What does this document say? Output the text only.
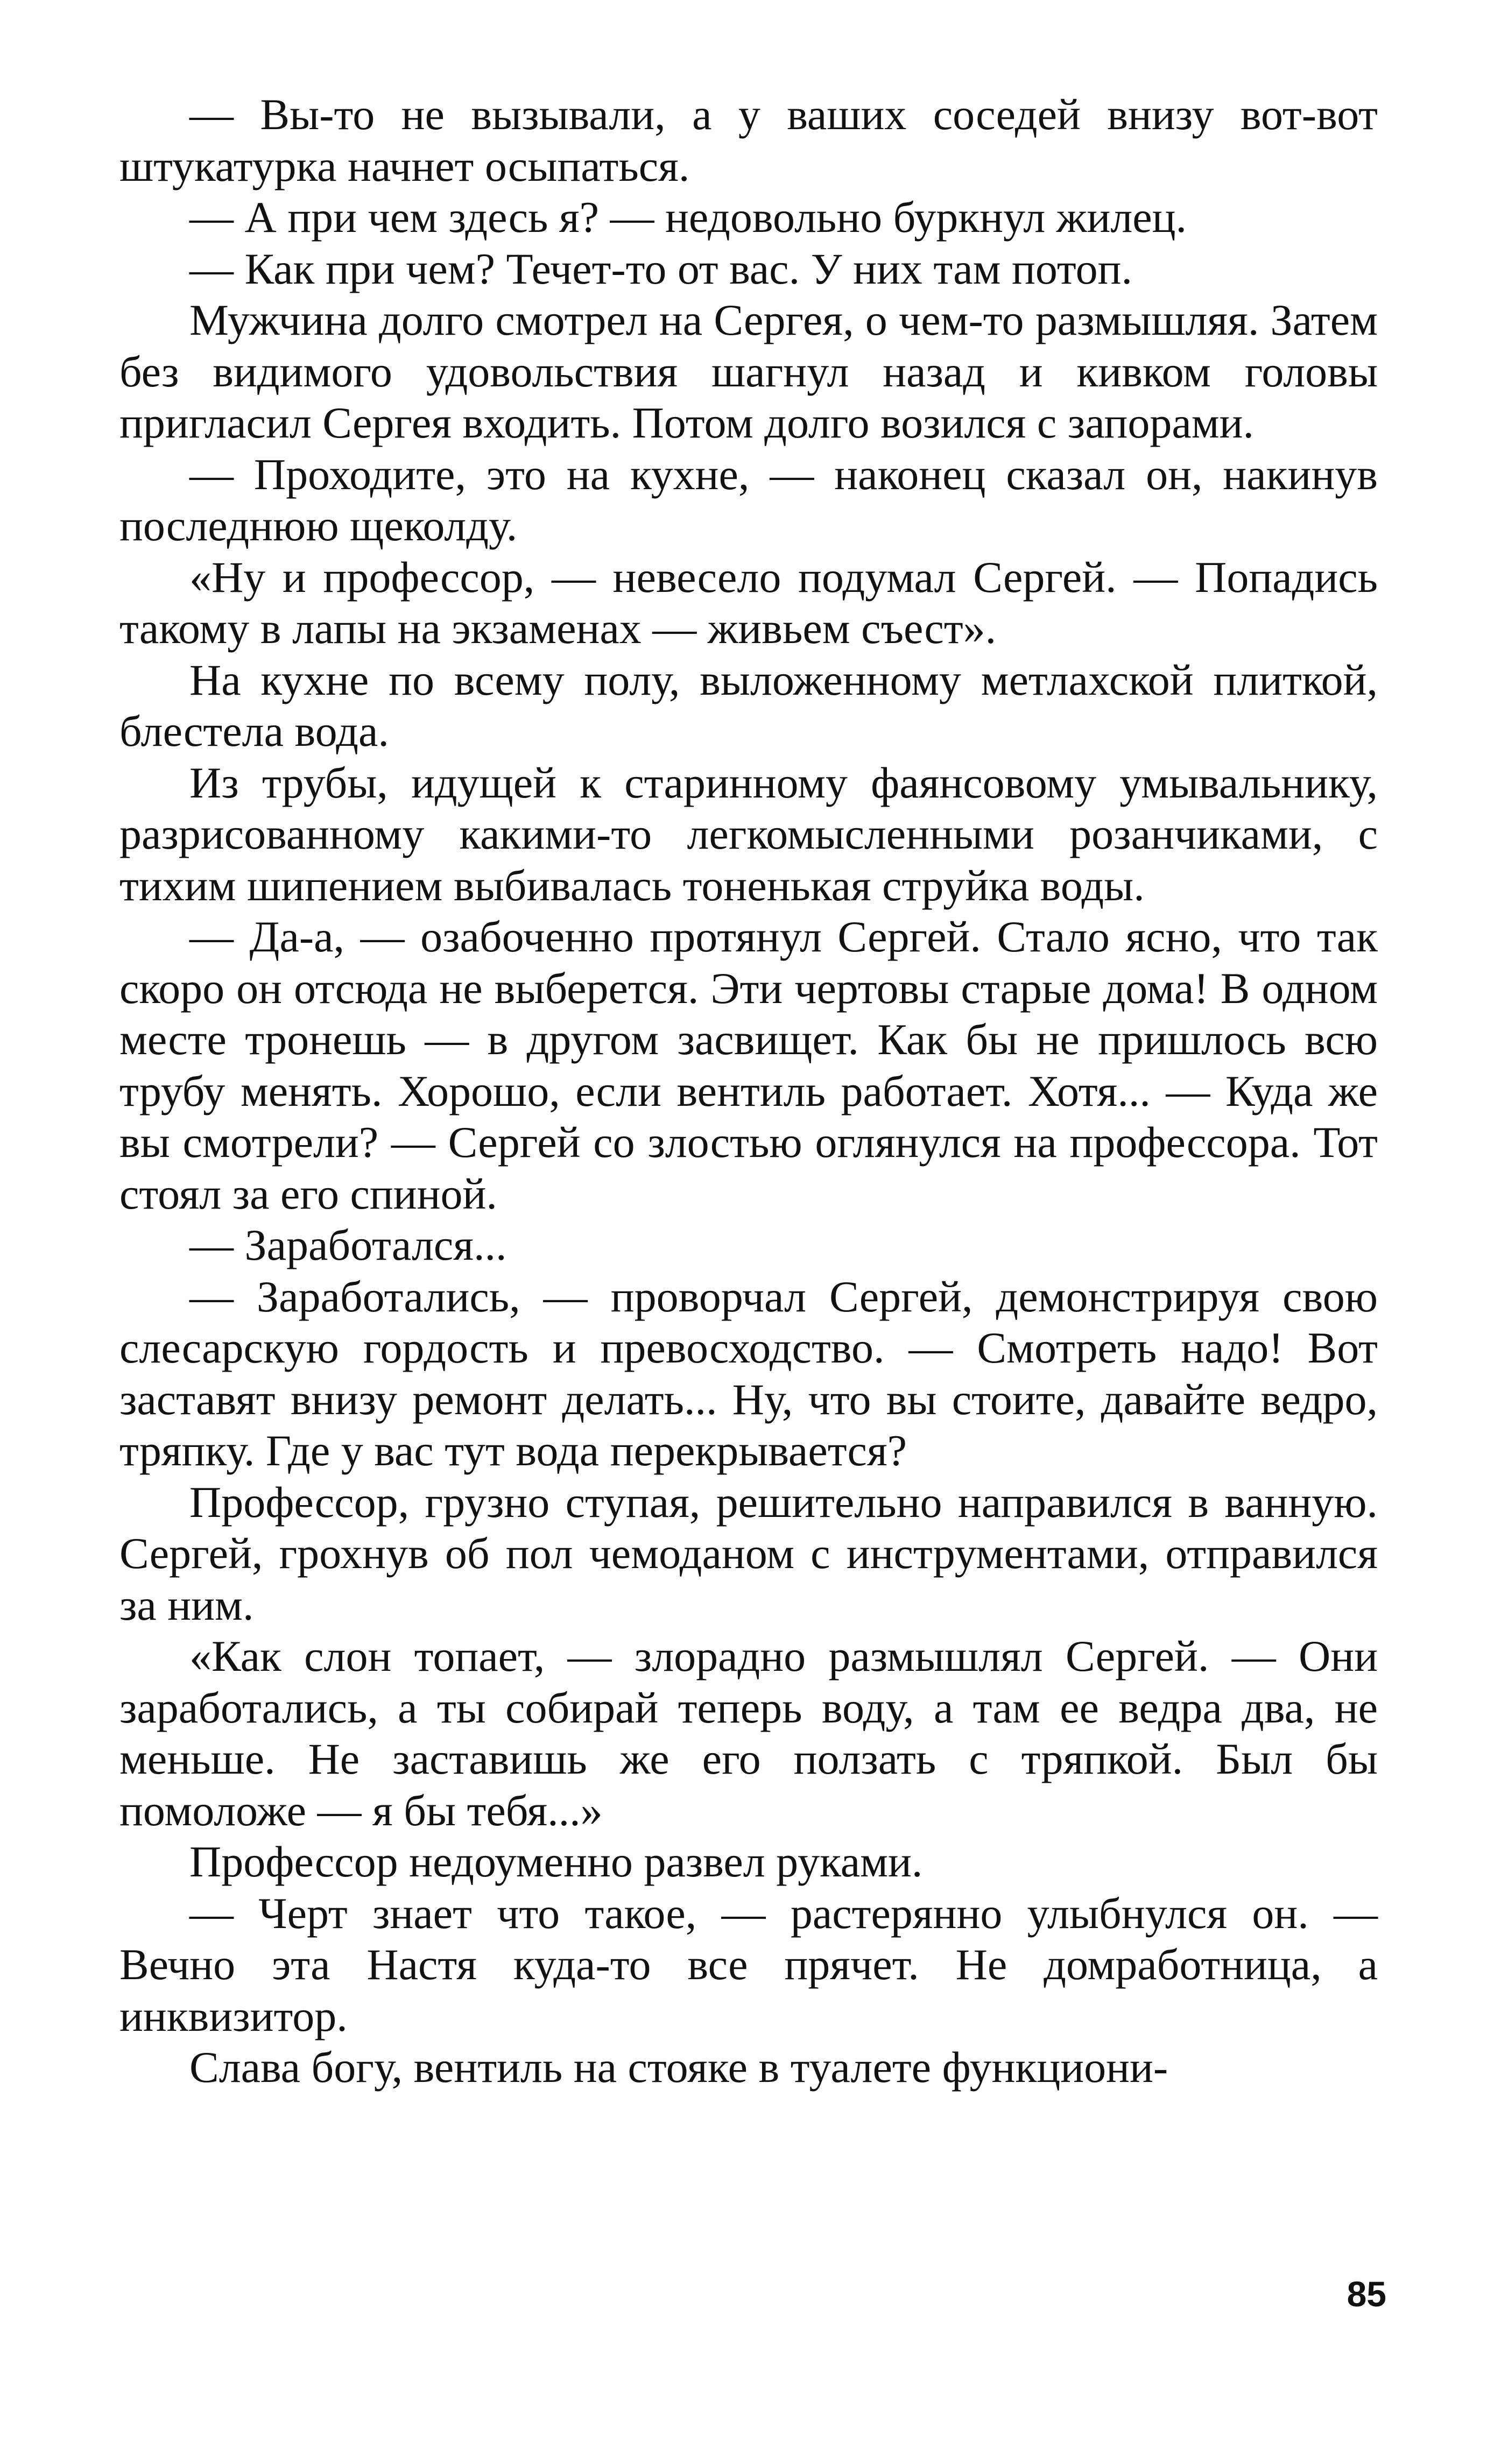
— Вы-то не вызывали, а у ваших соседей внизу вот-вот штукатурка начнет осыпаться.

— А при чем здесь я? — недовольно буркнул жилец.

— Как при чем? Течет-то от вас. У них там потоп.

Мужчина долго смотрел на Сергея, о чем-то размышляя. Затем без видимого удовольствия шагнул назад и кивком головы пригласил Сергея входить. Потом долго возился с запорами.

— Проходите, это на кухне, — наконец сказал он, накинув последнюю щеколду.

«Ну и профессор, — невесело подумал Сергей. — Попадись такому в лапы на экзаменах — живьем съест».

На кухне по всему полу, выложенному метлахской плиткой, блестела вода.

Из трубы, идущей к старинному фаянсовому умывальнику, разрисованному какими-то легкомысленными розанчиками, с тихим шипением выбивалась тоненькая струйка воды.

— Да-а, — озабоченно протянул Сергей. Стало ясно, что так скоро он отсюда не выберется. Эти чертовы старые дома! В одном месте тронешь — в другом засвищет. Как бы не пришлось всю трубу менять. Хорошо, если вентиль работает. Хотя... — Куда же вы смотрели? — Сергей со злостью оглянулся на профессора. Тот стоял за его спиной.

— Заработался...

— Заработались, — проворчал Сергей, демонстрируя свою слесарскую гордость и превосходство. — Смотреть надо! Вот заставят внизу ремонт делать... Ну, что вы стоите, давайте ведро, тряпку. Где у вас тут вода перекрывается?

Профессор, грузно ступая, решительно направился в ванную. Сергей, грохнув об пол чемоданом с инструментами, отправился за ним.

«Как слон топает, — злорадно размышлял Сергей. — Они заработались, а ты собирай теперь воду, а там ее ведра два, не меньше. Не заставишь же его ползать с тряпкой. Был бы помоложе — я бы тебя...»

Профессор недоуменно развел руками.

— Черт знает что такое, — растерянно улыбнулся он. — Вечно эта Настя куда-то все прячет. Не домработница, а инквизитор.

Слава богу, вентиль на стояке в туалете функциони-

85
